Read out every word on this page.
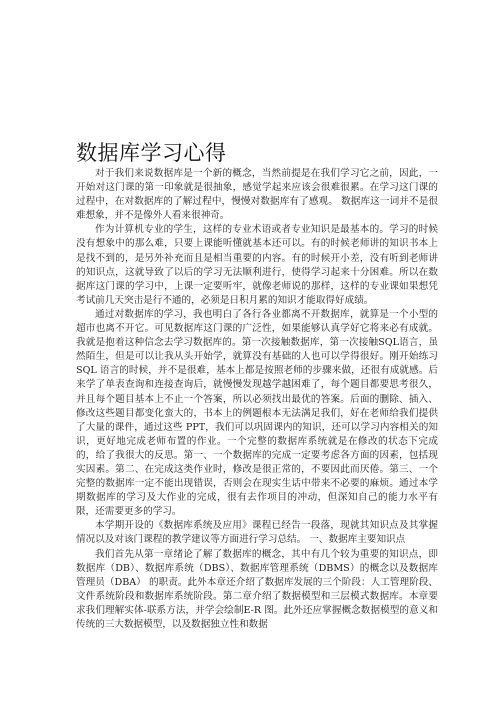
数据库学习心得

对于我们来说数据库是一个新的概念，当然前提是在我们学习它之前，因此，一开始对这门课的第一印象就是很抽象，感觉学起来应该会很难很累。在学习这门课的过程中，在对数据库的了解过程中，慢慢对数据库有了感观。 数据库这一词并不是很难想象，并不是像外人看来很神奇。

作为计算机专业的学生，这样的专业术语或者专业知识是最基本的。学习的时候没有想象中的那么难，只要上课能听懂就基本还可以。有的时候老师讲的知识书本上是找不到的，是另外补充而且是相当重要的内容。有的时候开小差，没有听到老师讲的知识点，这就导致了以后的学习无法顺利进行，使得学习起来十分困难。所以在数据库这门课的学习中，上课一定要听牢，就像老师说的那样，这样的专业课如果想凭考试前几天突击是行不通的，必须是日积月累的知识才能取得好成绩。

通过对数据库的学习，我也明白了各行各业都离不开数据库，就算是一个小型的超市也离不开它。可见数据库这门课的广泛性，如果能够认真学好它将来必有成就。我就是抱着这种信念去学习数据库的。第一次接触数据库，第一次接触SQL语言，虽然陌生，但是可以让我从头开始学，就算没有基础的人也可以学得很好。刚开始练习 SQL 语言的时候，并不是很难，基本上都是按照老师的步骤来做，还很有成就感。后来学了单表查询和连接查询后，就慢慢发现越学越困难了，每个题目都要思考很久，并且每个题目基本上不止一个答案，所以必须找出最优的答案。后面的删除、插入、修改这些题目都变化蛮大的，书本上的例题根本无法满足我们，好在老师给我们提供了大量的课件，通过这些 PPT，我们可以巩固课内的知识，还可以学习内容相关的知识，更好地完成老师布置的作业。一个完整的数据库系统就是在修改的状态下完成的，给了我很大的反思。第一、一个数据库的完成一定要考虑各方面的因素，包括现实因素。第二、在完成这类作业时，修改是很正常的，不要因此而厌倦。第三、一个完整的数据库一定不能出现错误，否则会在现实生话中带来不必要的麻烦。通过本学期数据库的学习及大作业的完成，很有去作项目的冲动，但深知自己的能力水平有限，还需要更多的学习。

本学期开设的《数据库系统及应用》课程已经告一段落，现就其知识点及其掌握情况以及对该门课程的教学建议等方面进行学习总结。 一、数据库主要知识点

我们首先从第一章绪论了解了数据库的概念，其中有几个较为重要的知识点，即数据库（DB）、数据库系统（DBS）、数据库管理系统（DBMS）的概念以及数据库管理员（DBA） 的职责。此外本章还介绍了数据库发展的三个阶段：人工管理阶段、文件系统阶段和数据库系统阶段。第二章介绍了数据模型和三层模式数据库。本章要求我们理解实体-联系方法，并学会绘制E-R 图。此外还应掌握概念数据模型的意义和传统的三大数据模型，以及数据独立性和数据
